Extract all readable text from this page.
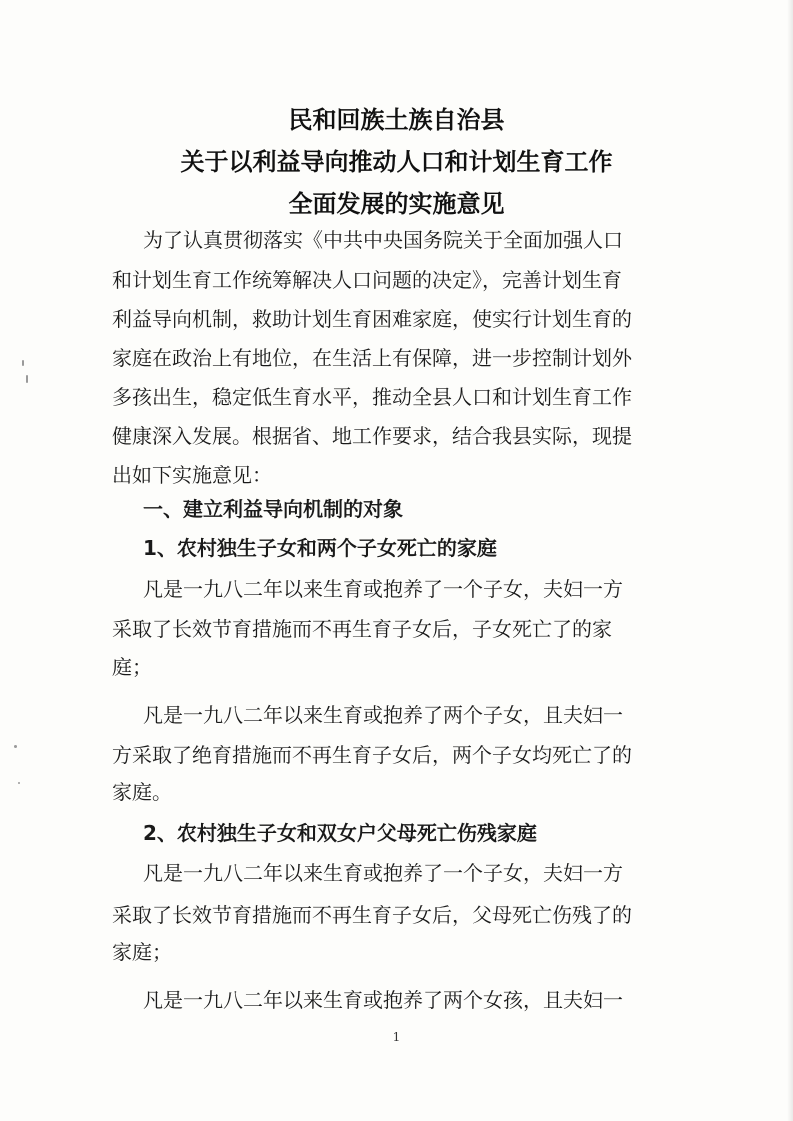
民和回族土族自治县
关于以利益导向推动人口和计划生育工作
全面发展的实施意见

为了认真贯彻落实《中共中央国务院关于全面加强人口

和计划生育工作统筹解决人口问题的决定》，完善计划生育

利益导向机制，救助计划生育困难家庭，使实行计划生育的

家庭在政治上有地位，在生活上有保障，进一步控制计划外

多孩出生，稳定低生育水平，推动全县人口和计划生育工作

健康深入发展。根据省、地工作要求，结合我县实际，现提

出如下实施意见：

一、建立利益导向机制的对象

1、农村独生子女和两个子女死亡的家庭

凡是一九八二年以来生育或抱养了一个子女，夫妇一方

采取了长效节育措施而不再生育子女后，子女死亡了的家

庭；

凡是一九八二年以来生育或抱养了两个子女，且夫妇一

方采取了绝育措施而不再生育子女后，两个子女均死亡了的

家庭。

2、农村独生子女和双女户父母死亡伤残家庭

凡是一九八二年以来生育或抱养了一个子女，夫妇一方

采取了长效节育措施而不再生育子女后，父母死亡伤残了的

家庭；

凡是一九八二年以来生育或抱养了两个女孩，且夫妇一

1
